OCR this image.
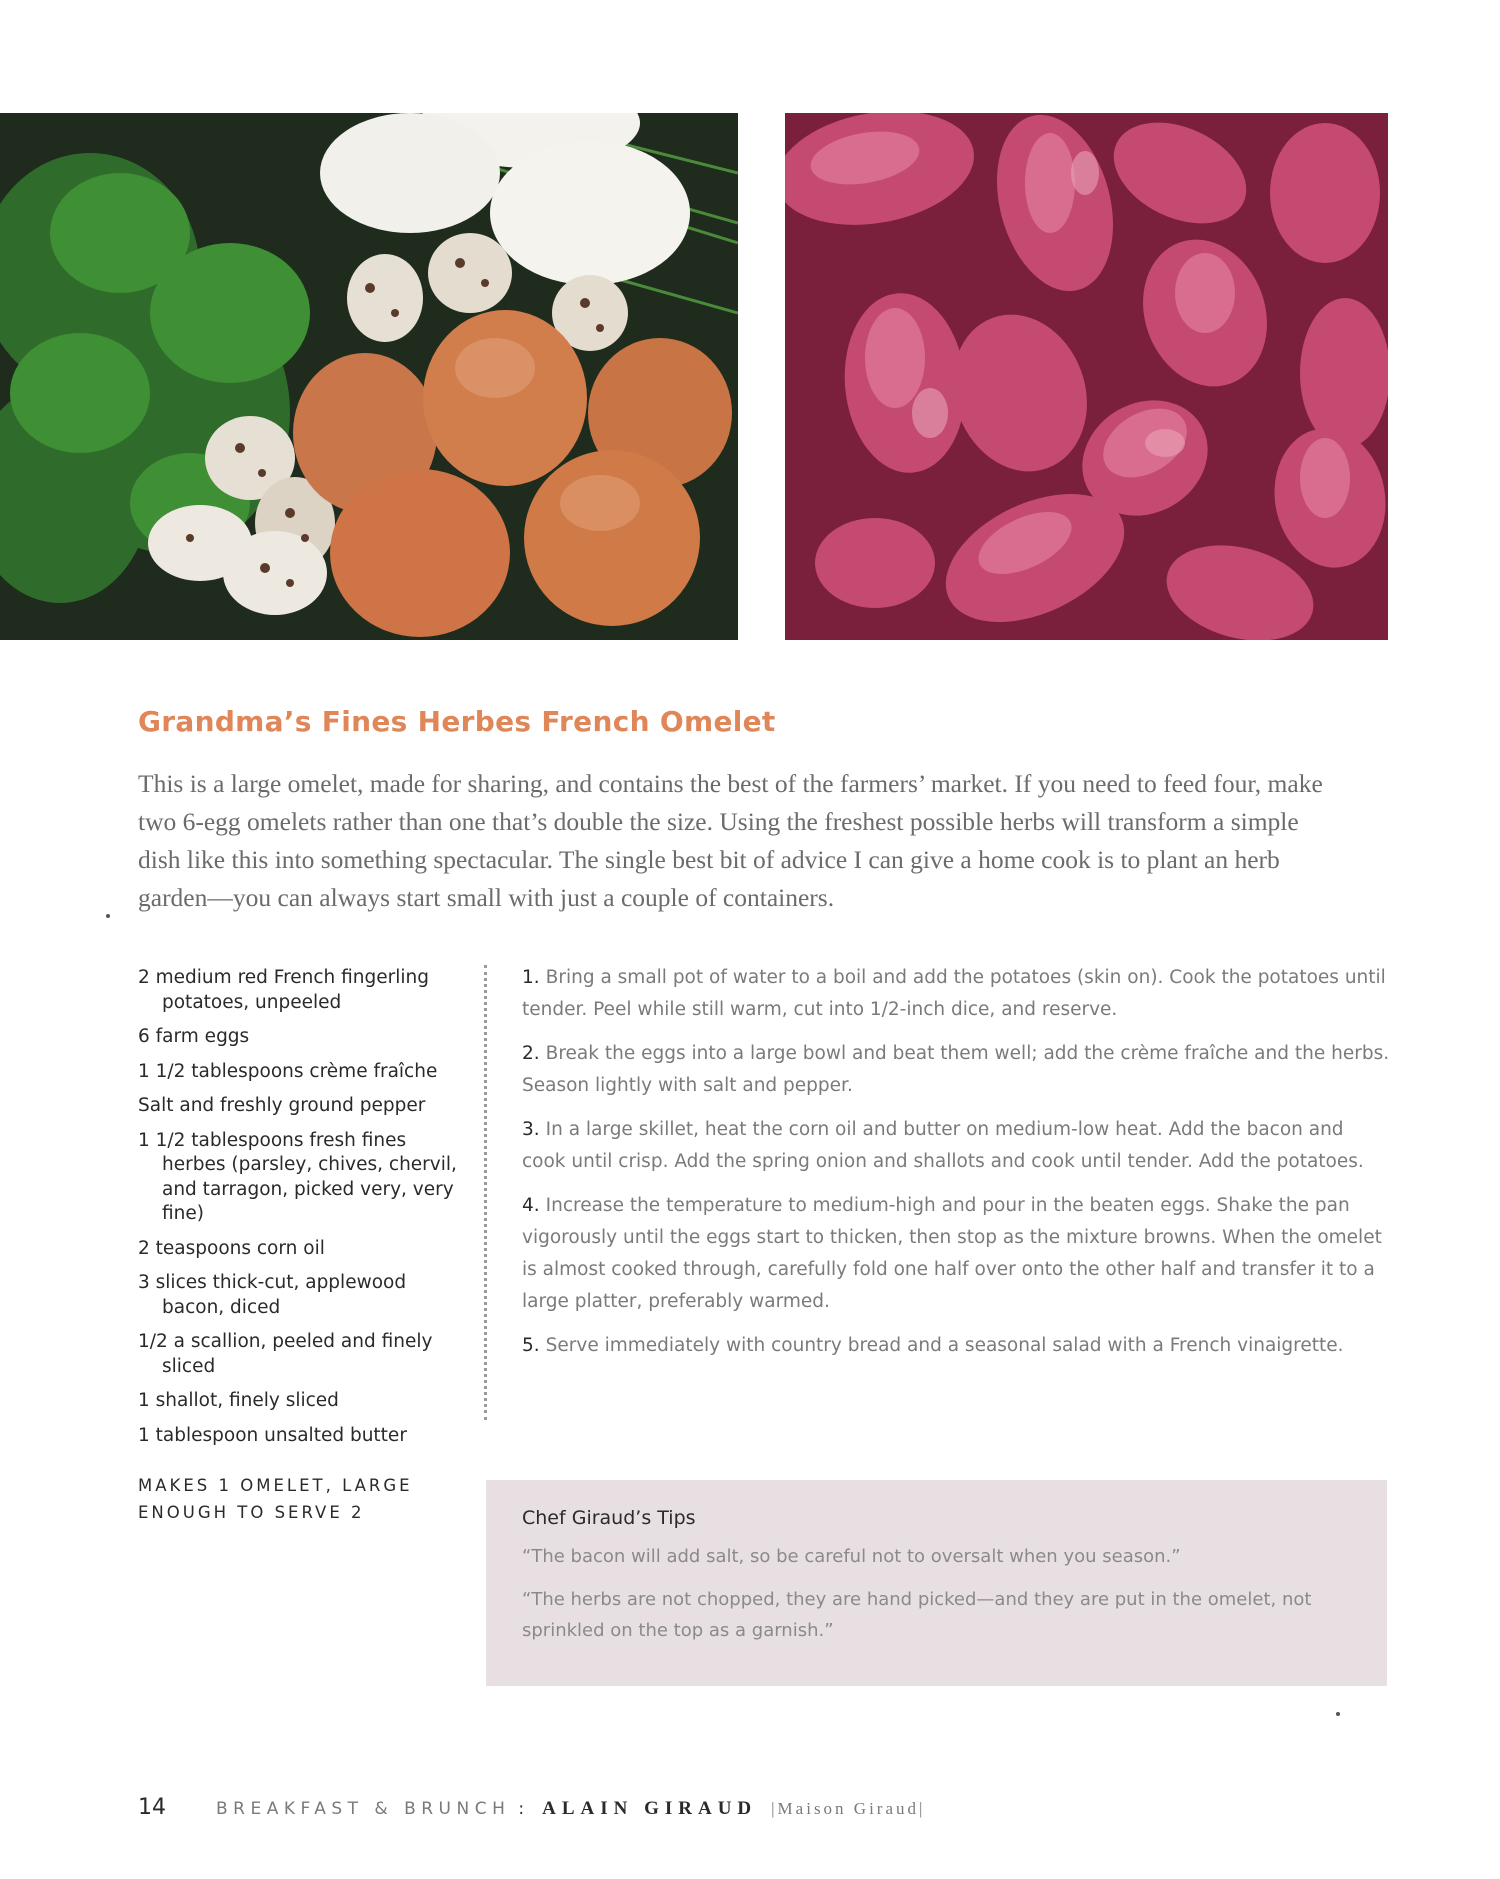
Grandma’s Fines Herbes French Omelet

This is a large omelet, made for sharing, and contains the best of the farmers’ market. If you need to feed four, make two 6-egg omelets rather than one that’s double the size. Using the freshest possible herbs will transform a simple dish like this into something spectacular. The single best bit of advice I can give a home cook is to plant an herb garden—you can always start small with just a couple of containers.

2 medium red French fingerling potatoes, unpeeled
6 farm eggs
1 1/2 tablespoons crème fraîche
Salt and freshly ground pepper
1 1/2 tablespoons fresh fines herbes (parsley, chives, chervil, and tarragon, picked very, very fine)
2 teaspoons corn oil
3 slices thick-cut, applewood bacon, diced
1/2 a scallion, peeled and finely sliced
1 shallot, finely sliced
1 tablespoon unsalted butter
MAKES 1 OMELET, LARGE ENOUGH TO SERVE 2
1. Bring a small pot of water to a boil and add the potatoes (skin on). Cook the potatoes until tender. Peel while still warm, cut into 1/2-inch dice, and reserve.
2. Break the eggs into a large bowl and beat them well; add the crème fraîche and the herbs. Season lightly with salt and pepper.
3. In a large skillet, heat the corn oil and butter on medium-low heat. Add the bacon and cook until crisp. Add the spring onion and shallots and cook until tender. Add the potatoes.
4. Increase the temperature to medium-high and pour in the beaten eggs. Shake the pan vigorously until the eggs start to thicken, then stop as the mixture browns. When the omelet is almost cooked through, carefully fold one half over onto the other half and transfer it to a large platter, preferably warmed.
5. Serve immediately with country bread and a seasonal salad with a French vinaigrette.
Chef Giraud’s Tips

“The bacon will add salt, so be careful not to oversalt when you season.”

“The herbs are not chopped, they are hand picked—and they are put in the omelet, not sprinkled on the top as a garnish.”

14	BREAKFAST & BRUNCH : ALAIN GIRAUD |Maison Giraud|
